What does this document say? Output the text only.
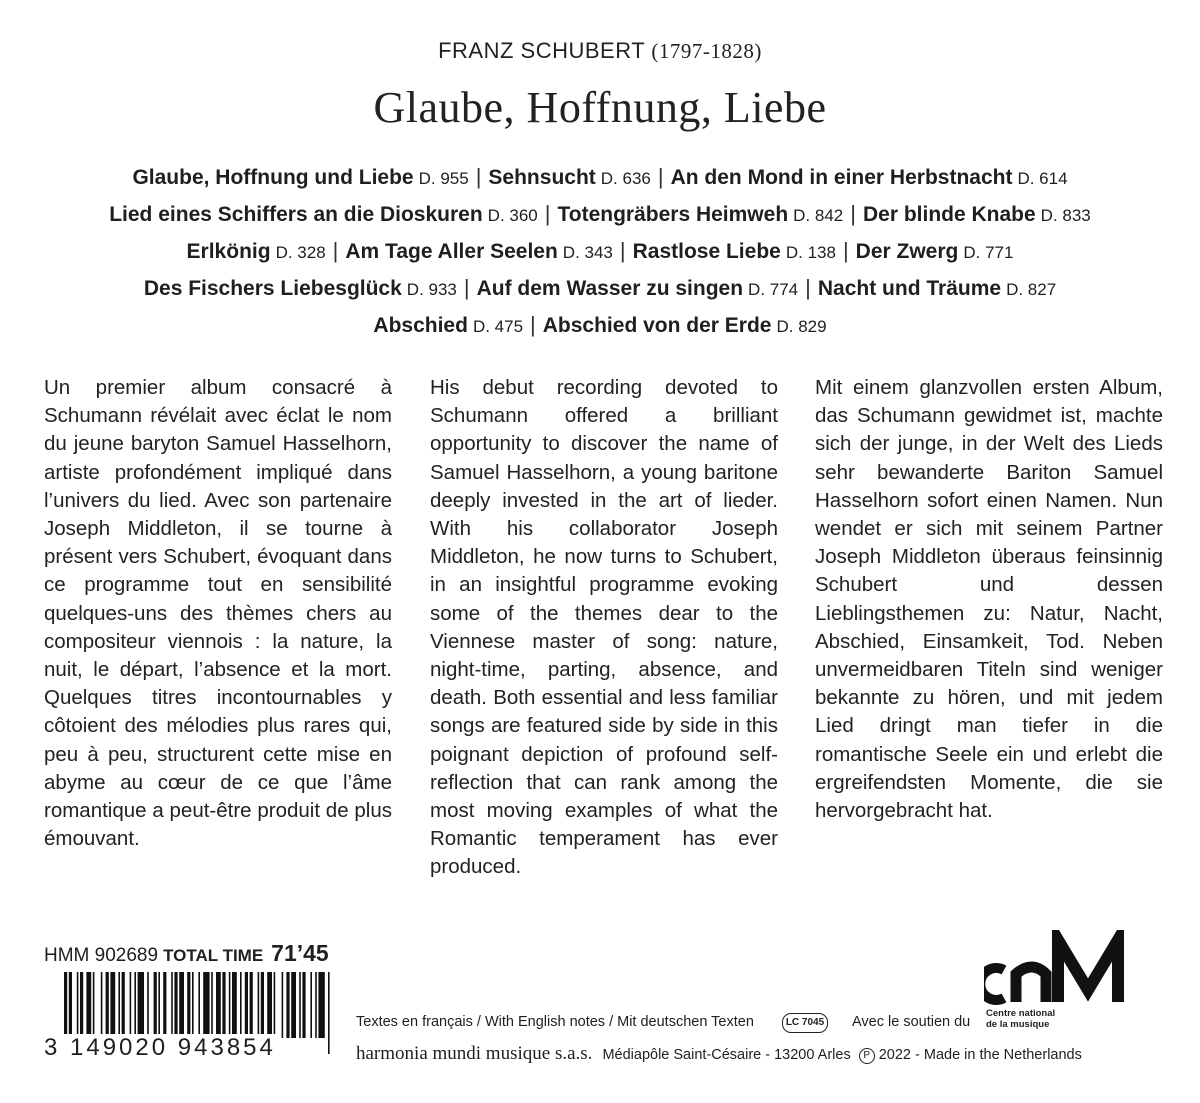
FRANZ SCHUBERT (1797-1828)
Glaube, Hoffnung, Liebe
Glaube, Hoffnung und Liebe D. 955 | Sehnsucht D. 636 | An den Mond in einer Herbstnacht D. 614
Lied eines Schiffers an die Dioskuren D. 360 | Totengräbers Heimweh D. 842 | Der blinde Knabe D. 833
Erlkönig D. 328 | Am Tage Aller Seelen D. 343 | Rastlose Liebe D. 138 | Der Zwerg D. 771
Des Fischers Liebesglück D. 933 | Auf dem Wasser zu singen D. 774 | Nacht und Träume D. 827
Abschied D. 475 | Abschied von der Erde D. 829
Un premier album consacré à Schumann révélait avec éclat le nom du jeune baryton Samuel Hasselhorn, artiste profondément impliqué dans l’univers du lied. Avec son partenaire Joseph Middleton, il se tourne à présent vers Schubert, évoquant dans ce programme tout en sensibilité quelques-uns des thèmes chers au compositeur viennois : la nature, la nuit, le départ, l’absence et la mort. Quelques titres incontournables y côtoient des mélodies plus rares qui, peu à peu, structurent cette mise en abyme au cœur de ce que l’âme romantique a peut-être produit de plus émouvant.
His debut recording devoted to Schumann offered a brilliant opportunity to discover the name of Samuel Hasselhorn, a young baritone deeply invested in the art of lieder. With his collaborator Joseph Middleton, he now turns to Schubert, in an insightful programme evoking some of the themes dear to the Viennese master of song: nature, night-time, parting, absence, and death. Both essential and less familiar songs are featured side by side in this poignant depiction of profound self-reflection that can rank among the most moving examples of what the Romantic temperament has ever produced.
Mit einem glanzvollen ersten Album, das Schumann gewidmet ist, machte sich der junge, in der Welt des Lieds sehr bewanderte Bariton Samuel Hasselhorn sofort einen Namen. Nun wendet er sich mit seinem Partner Joseph Middleton überaus feinsinnig Schubert und dessen Lieblingsthemen zu: Natur, Nacht, Abschied, Einsamkeit, Tod. Neben unvermeidbaren Titeln sind weniger bekannte zu hören, und mit jedem Lied dringt man tiefer in die romantische Seele ein und erlebt die ergreifendsten Momente, die sie hervorgebracht hat.
HMM 902689 TOTAL TIME 71’45
3 149020 943854
Textes en français / With English notes / Mit deutschen Texten	LC 7045 Avec le soutien du
Centre national
de la musique
harmonia mundi musique s.a.s. Médiapôle Saint-Césaire - 13200 Arles P 2022 - Made in the Netherlands
